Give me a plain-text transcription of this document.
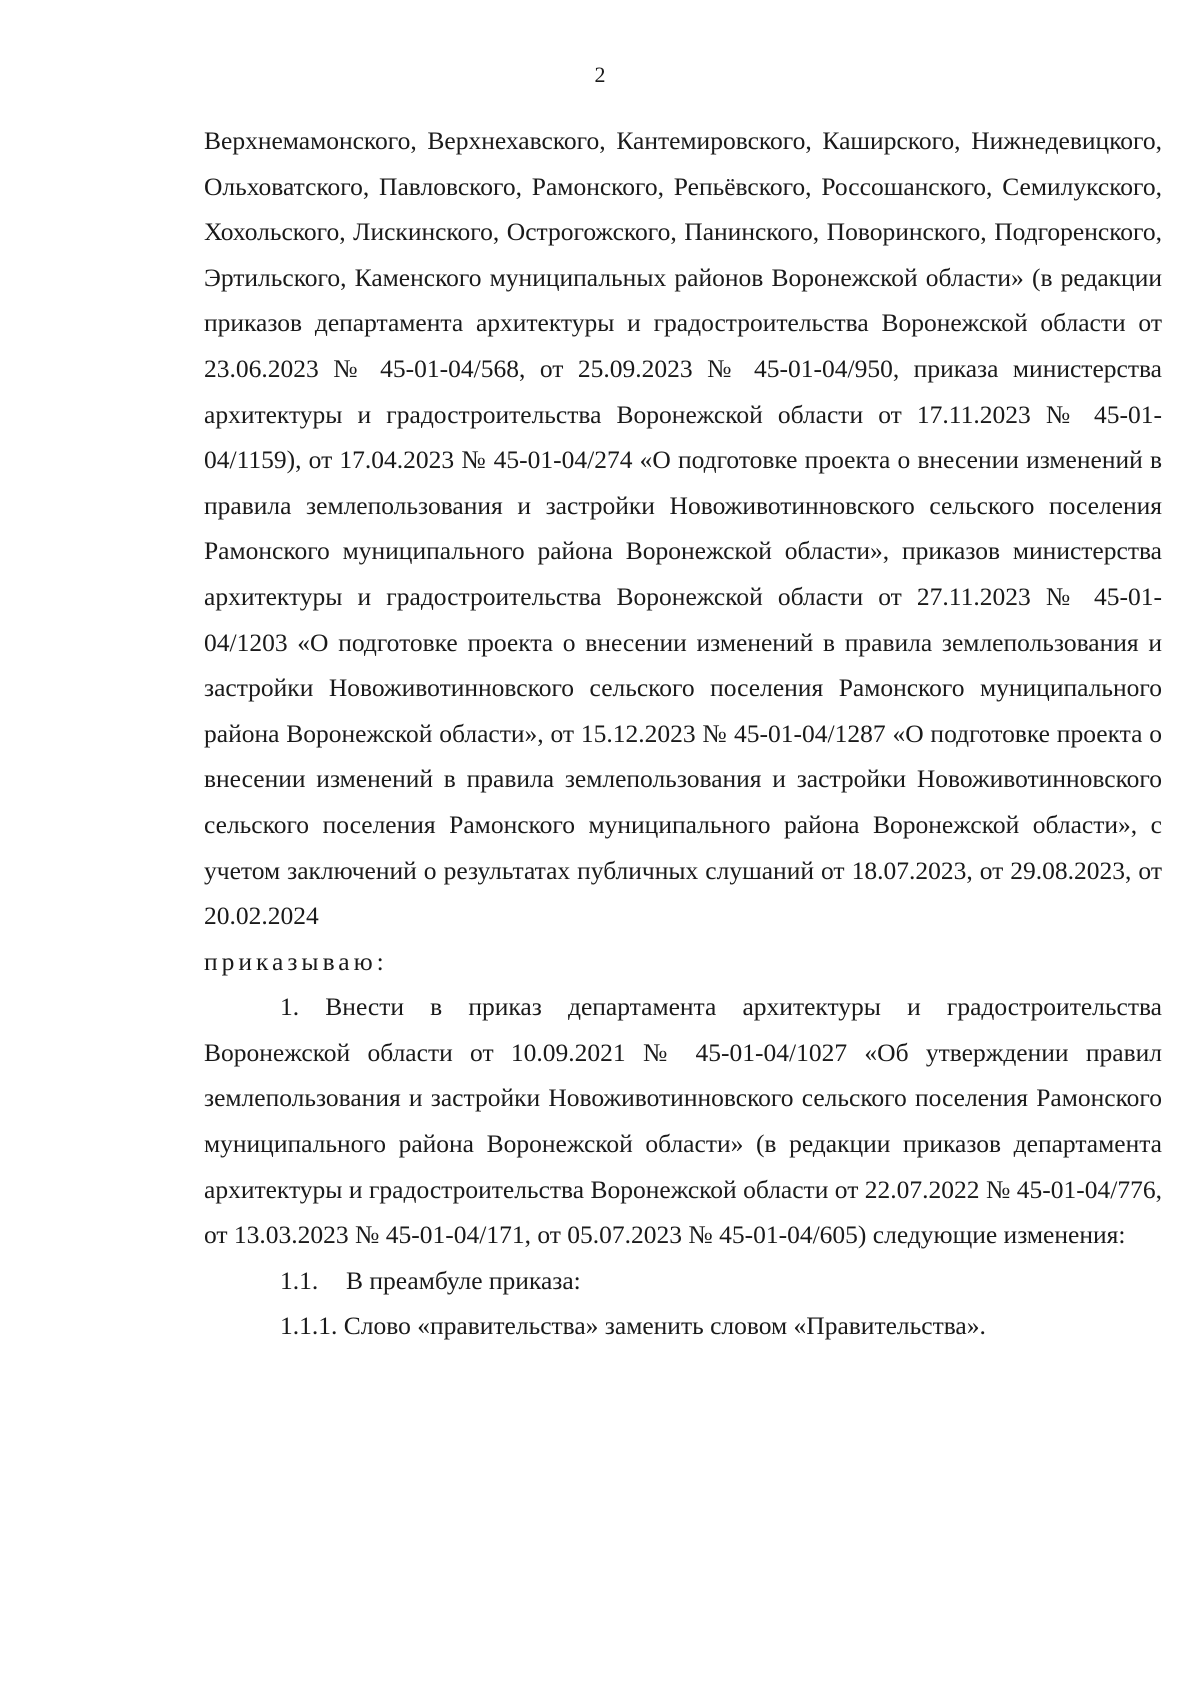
2

Верхнемамонского, Верхнехавского, Кантемировского, Каширского, Нижнедевицкого, Ольховатского, Павловского, Рамонского, Репьёвского, Россошанского, Семилукского, Хохольского, Лискинского, Острогожского, Панинского, Поворинского, Подгоренского, Эртильского, Каменского муниципальных районов Воронежской области» (в редакции приказов департамента архитектуры и градостроительства Воронежской области от 23.06.2023 № 45-01-04/568, от 25.09.2023 № 45-01-04/950, приказа министерства архитектуры и градостроительства Воронежской области от 17.11.2023 № 45-01-04/1159), от 17.04.2023 № 45-01-04/274 «О подготовке проекта о внесении изменений в правила землепользования и застройки Новоживотинновского сельского поселения Рамонского муниципального района Воронежской области», приказов министерства архитектуры и градостроительства Воронежской области от 27.11.2023 № 45-01-04/1203 «О подготовке проекта о внесении изменений в правила землепользования и застройки Новоживотинновского сельского поселения Рамонского муниципального района Воронежской области», от 15.12.2023 № 45-01-04/1287 «О подготовке проекта о внесении изменений в правила землепользования и застройки Новоживотинновского сельского поселения Рамонского муниципального района Воронежской области», с учетом заключений о результатах публичных слушаний от 18.07.2023, от 29.08.2023, от 20.02.2024

приказываю:

1. Внести в приказ департамента архитектуры и градостроительства Воронежской области от 10.09.2021 № 45-01-04/1027 «Об утверждении правил землепользования и застройки Новоживотинновского сельского поселения Рамонского муниципального района Воронежской области» (в редакции приказов департамента архитектуры и градостроительства Воронежской области от 22.07.2022 № 45-01-04/776, от 13.03.2023 № 45-01-04/171, от 05.07.2023 № 45-01-04/605) следующие изменения:

1.1. В преамбуле приказа:

1.1.1. Слово «правительства» заменить словом «Правительства».
